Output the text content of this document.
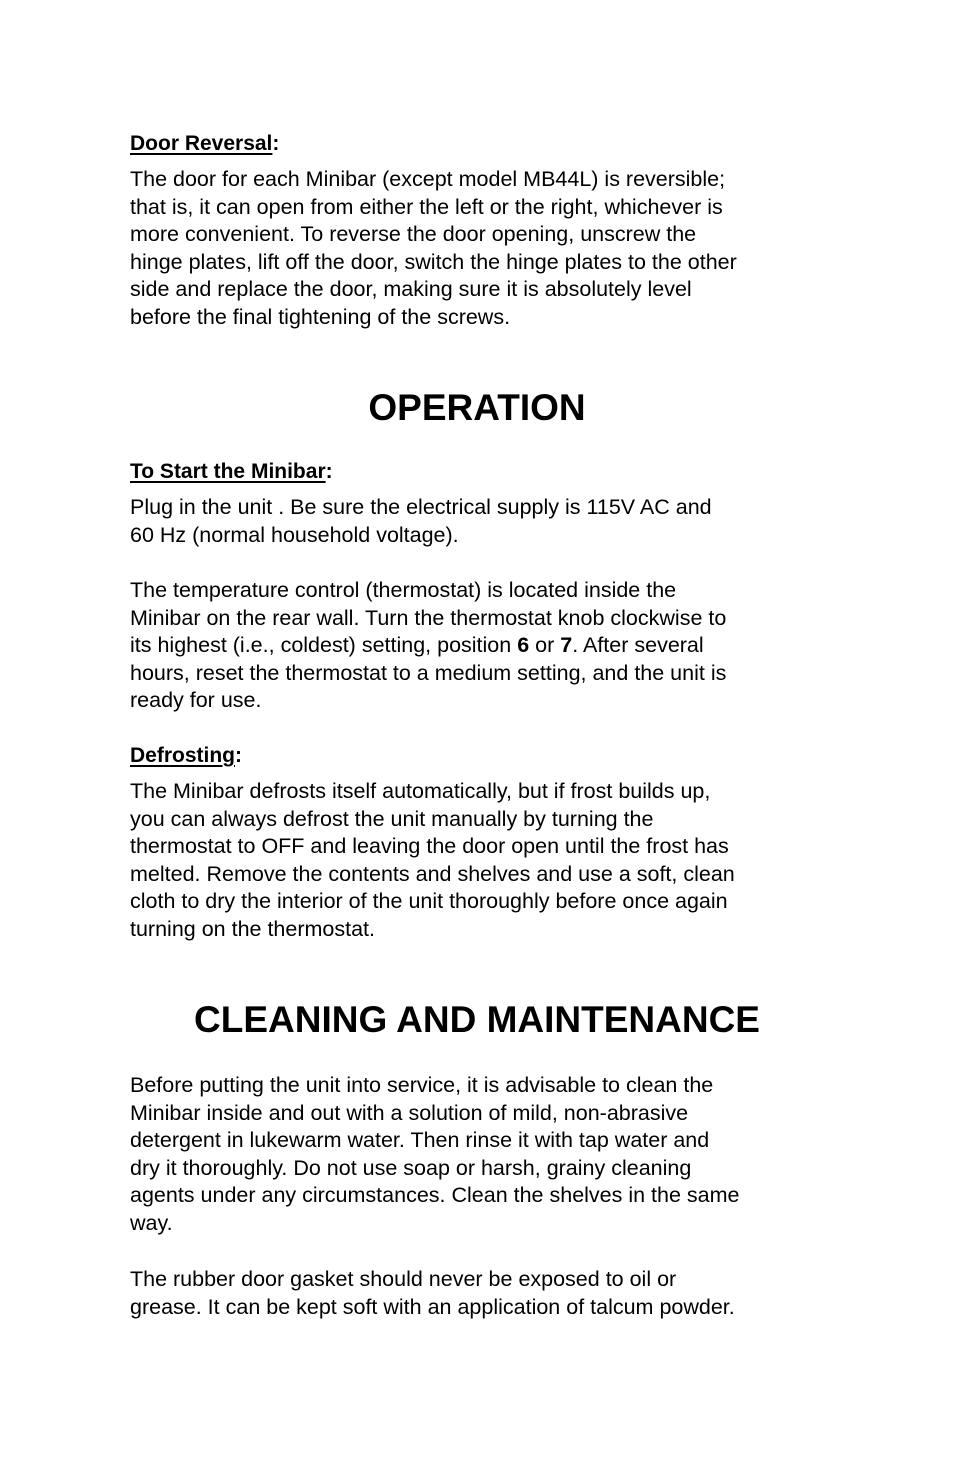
Door Reversal:

The door for each Minibar (except model MB44L) is reversible;
that is, it can open from either the left or the right, whichever is
more convenient. To reverse the door opening, unscrew the
hinge plates, lift off the door, switch the hinge plates to the other
side and replace the door, making sure it is absolutely level
before the final tightening of the screws.
OPERATION

To Start the Minibar:

Plug in the unit . Be sure the electrical supply is 115V AC and
60 Hz (normal household voltage).
The temperature control (thermostat) is located inside the
Minibar on the rear wall. Turn the thermostat knob clockwise to
its highest (i.e., coldest) setting, position 6 or 7. After several
hours, reset the thermostat to a medium setting, and the unit is
ready for use.

Defrosting:

The Minibar defrosts itself automatically, but if frost builds up,
you can always defrost the unit manually by turning the
thermostat to OFF and leaving the door open until the frost has
melted. Remove the contents and shelves and use a soft, clean
cloth to dry the interior of the unit thoroughly before once again
turning on the thermostat.
CLEANING AND MAINTENANCE
Before putting the unit into service, it is advisable to clean the
Minibar inside and out with a solution of mild, non-abrasive
detergent in lukewarm water. Then rinse it with tap water and
dry it thoroughly. Do not use soap or harsh, grainy cleaning
agents under any circumstances. Clean the shelves in the same
way.
The rubber door gasket should never be exposed to oil or
grease. It can be kept soft with an application of talcum powder.
